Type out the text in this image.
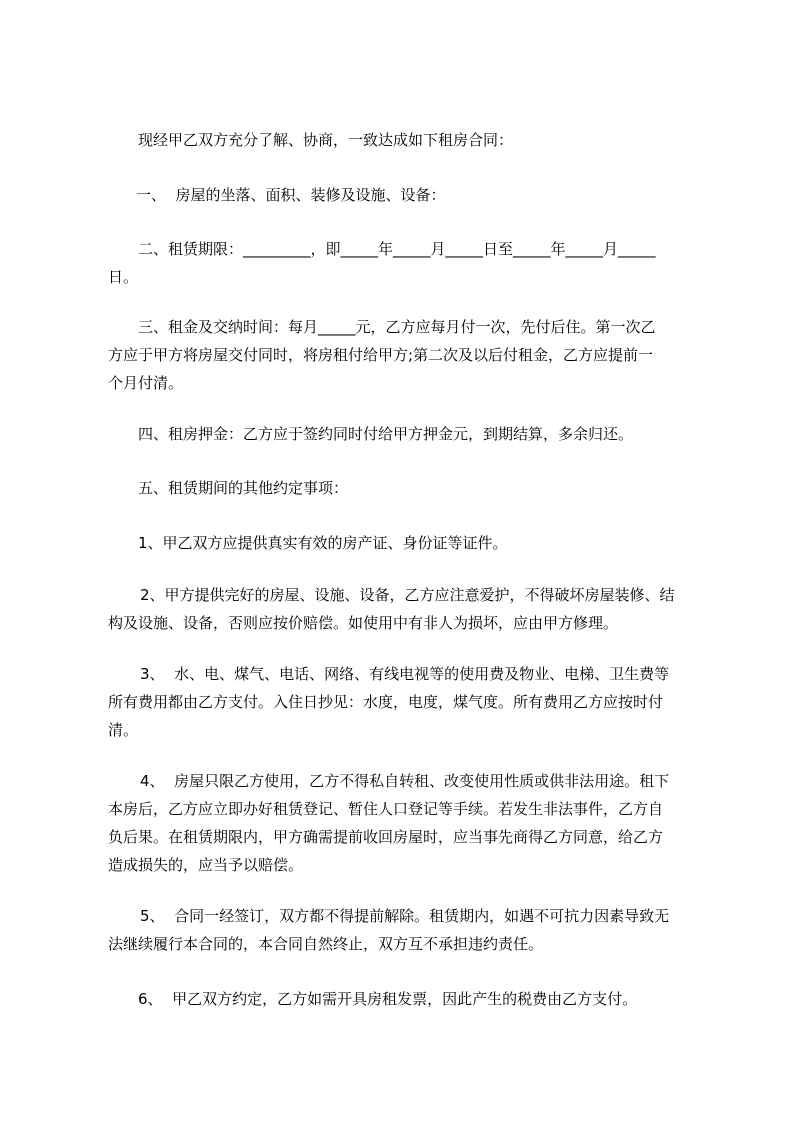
现经甲乙双方充分了解、协商，一致达成如下租房合同：

一、  房屋的坐落、面积、装修及设施、设备：

二、租赁期限：_________，即_____年_____月_____日至_____年_____月_____

日。

三、租金及交纳时间：每月_____元，乙方应每月付一次，先付后住。第一次乙

方应于甲方将房屋交付同时，将房租付给甲方;第二次及以后付租金，乙方应提前一

个月付清。

四、租房押金：乙方应于签约同时付给甲方押金元，到期结算，多余归还。

五、租赁期间的其他约定事项：

1、甲乙双方应提供真实有效的房产证、身份证等证件。

2、甲方提供完好的房屋、设施、设备，乙方应注意爱护，不得破坏房屋装修、结

构及设施、设备，否则应按价赔偿。如使用中有非人为损坏，应由甲方修理。

3、  水、电、煤气、电话、网络、有线电视等的使用费及物业、电梯、卫生费等

所有费用都由乙方支付。入住日抄见：水度，电度，煤气度。所有费用乙方应按时付

清。

4、  房屋只限乙方使用，乙方不得私自转租、改变使用性质或供非法用途。租下

本房后，乙方应立即办好租赁登记、暂住人口登记等手续。若发生非法事件，乙方自

负后果。在租赁期限内，甲方确需提前收回房屋时，应当事先商得乙方同意，给乙方

造成损失的，应当予以赔偿。

5、  合同一经签订，双方都不得提前解除。租赁期内，如遇不可抗力因素导致无

法继续履行本合同的，本合同自然终止，双方互不承担违约责任。

6、  甲乙双方约定，乙方如需开具房租发票，因此产生的税费由乙方支付。
